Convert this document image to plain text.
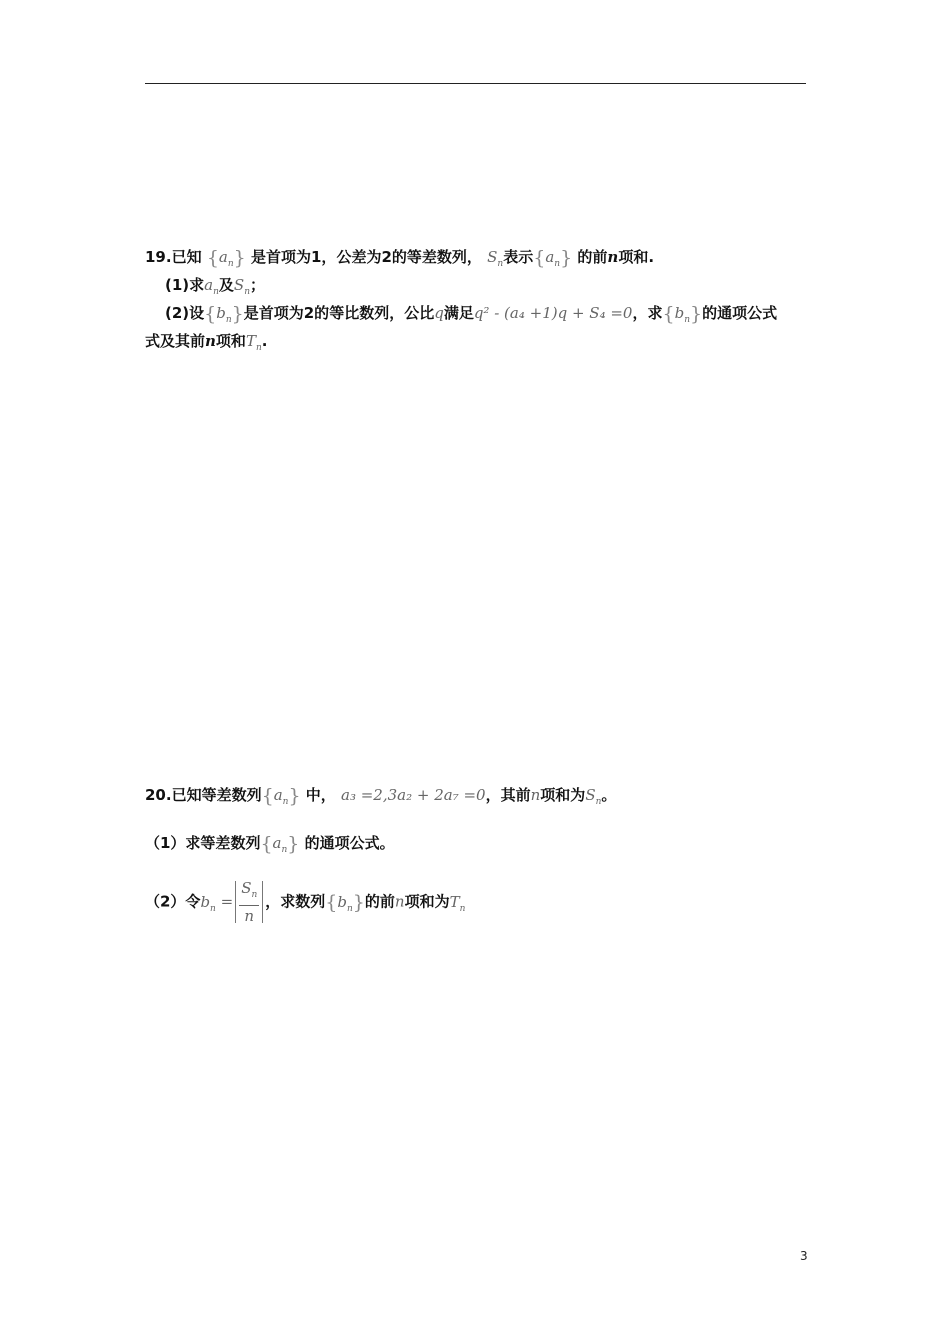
19.已知 $\{a_n\}$ 是首项为1，公差为2的等差数列， $S_n$表示$\{a_n\}$ 的前n项和.
(1)求$a_n$及$S_n$；
(2)设$\{b_n\}$是首项为2的等比数列，公比q满足q² - (a₄ +1)q + S₄ =0，求$\{b_n\}$的通项公式
式及其前n项和$T_n$.
20.已知等差数列$\{a_n\}$ 中， a₃ =2,3a₂ + 2a₇ =0，其前n项和为$S_n$。
（1）求等差数列$\{a_n\}$ 的通项公式。
（2）令$b_n = \frac{S_n}{n}$ ，求数列$\{b_n\}$的前n项和为$T_n$
3
